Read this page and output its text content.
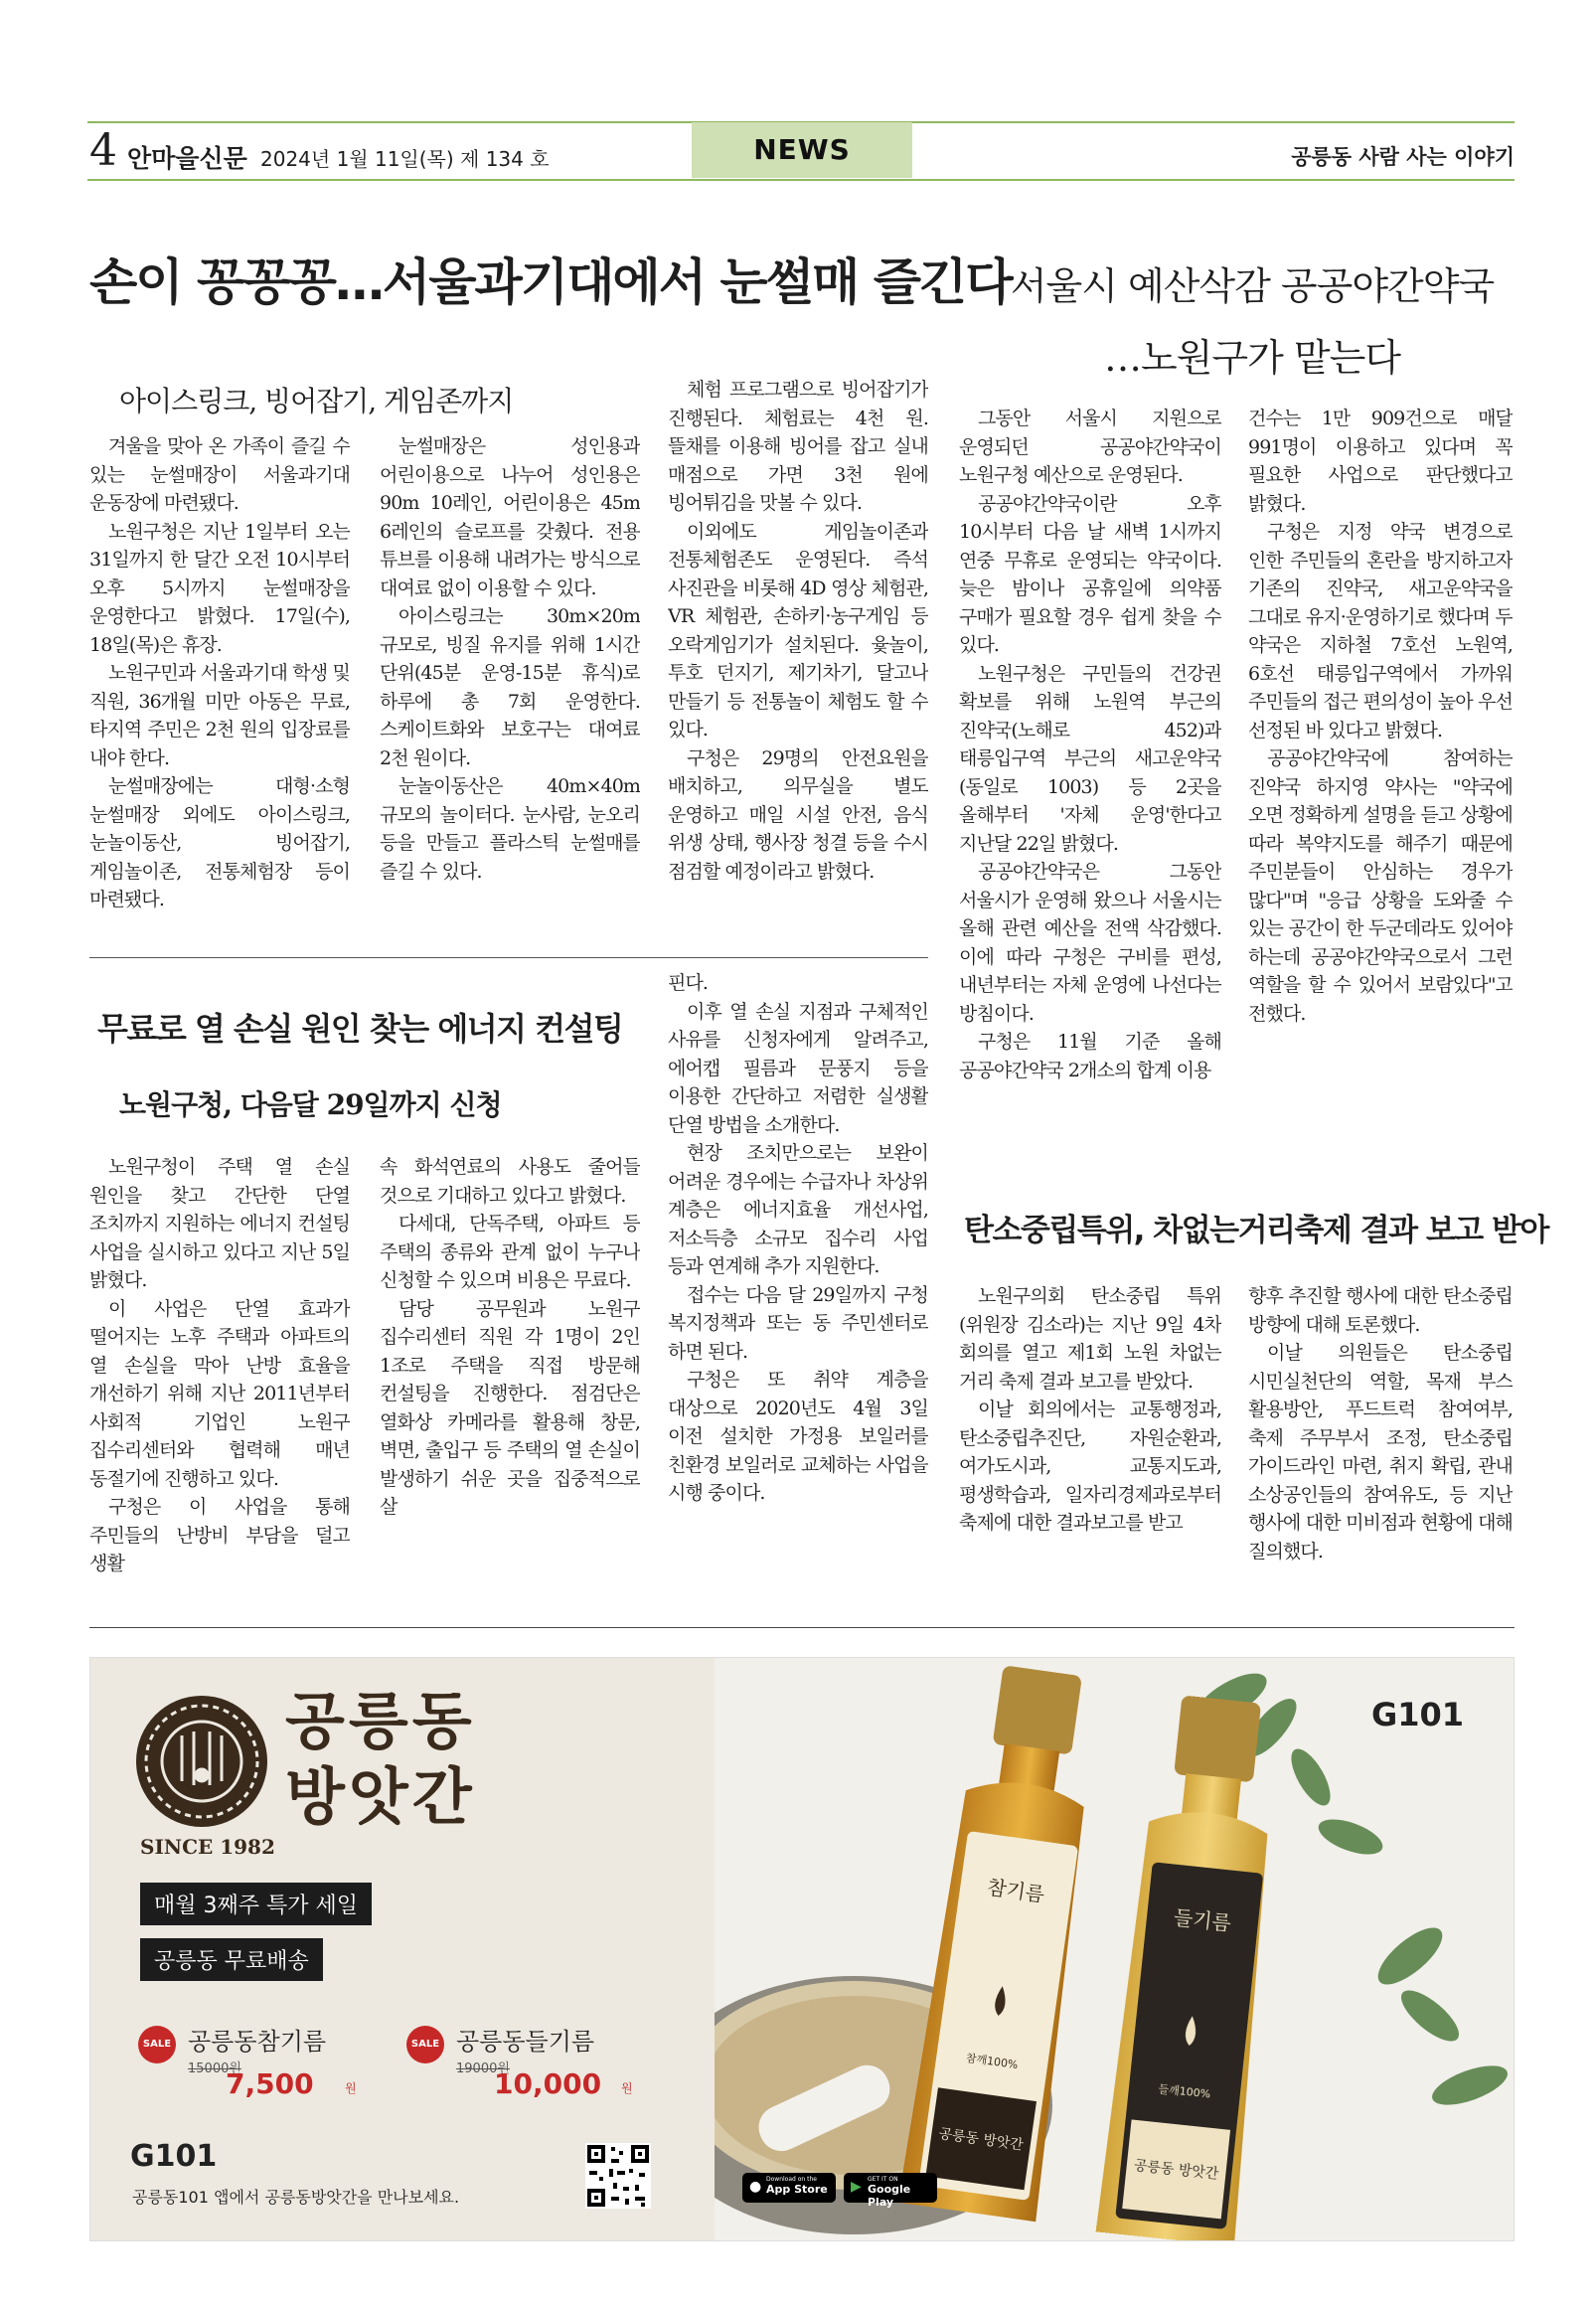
4 안마을신문 2024년 1월 11일(목) 제 134 호	NEWS	공릉동 사람 사는 이야기
손이 꽁꽁꽁…서울과기대에서 눈썰매 즐긴다
아이스링크, 빙어잡기, 게임존까지

겨울을 맞아 온 가족이 즐길 수 있는 눈썰매장이 서울과기대 운동장에 마련됐다.

노원구청은 지난 1일부터 오는 31일까지 한 달간 오전 10시부터 오후 5시까지 눈썰매장을 운영한다고 밝혔다. 17일(수), 18일(목)은 휴장.

노원구민과 서울과기대 학생 및 직원, 36개월 미만 아동은 무료, 타지역 주민은 2천 원의 입장료를 내야 한다.

눈썰매장에는 대형·소형 눈썰매장 외에도 아이스링크, 눈놀이동산, 빙어잡기, 게임놀이존, 전통체험장 등이 마련됐다.

눈썰매장은 성인용과 어린이용으로 나누어 성인용은 90m 10레인, 어린이용은 45m 6레인의 슬로프를 갖췄다. 전용 튜브를 이용해 내려가는 방식으로 대여료 없이 이용할 수 있다.

아이스링크는 30m×20m 규모로, 빙질 유지를 위해 1시간 단위(45분 운영-15분 휴식)로 하루에 총 7회 운영한다. 스케이트화와 보호구는 대여료 2천 원이다.

눈놀이동산은 40m×40m 규모의 놀이터다. 눈사람, 눈오리 등을 만들고 플라스틱 눈썰매를 즐길 수 있다.

체험 프로그램으로 빙어잡기가 진행된다. 체험료는 4천 원. 뜰채를 이용해 빙어를 잡고 실내 매점으로 가면 3천 원에 빙어튀김을 맛볼 수 있다.

이외에도 게임놀이존과 전통체험존도 운영된다. 즉석 사진관을 비롯해 4D 영상 체험관, VR 체험관, 손하키·농구게임 등 오락게임기가 설치된다. 윷놀이, 투호 던지기, 제기차기, 달고나 만들기 등 전통놀이 체험도 할 수 있다.

구청은 29명의 안전요원을 배치하고, 의무실을 별도 운영하고 매일 시설 안전, 음식 위생 상태, 행사장 청결 등을 수시 점검할 예정이라고 밝혔다.

서울시 예산삭감 공공야간약국
…노원구가 맡는다

그동안 서울시 지원으로 운영되던 공공야간약국이 노원구청 예산으로 운영된다.

공공야간약국이란 오후 10시부터 다음 날 새벽 1시까지 연중 무휴로 운영되는 약국이다. 늦은 밤이나 공휴일에 의약품 구매가 필요할 경우 쉽게 찾을 수 있다.

노원구청은 구민들의 건강권 확보를 위해 노원역 부근의 진약국(노해로 452)과 태릉입구역 부근의 새고운약국(동일로 1003) 등 2곳을 올해부터 '자체 운영'한다고 지난달 22일 밝혔다.

공공야간약국은 그동안 서울시가 운영해 왔으나 서울시는 올해 관련 예산을 전액 삭감했다. 이에 따라 구청은 구비를 편성, 내년부터는 자체 운영에 나선다는 방침이다.

구청은 11월 기준 올해 공공야간약국 2개소의 합계 이용

건수는 1만 909건으로 매달 991명이 이용하고 있다며 꼭 필요한 사업으로 판단했다고 밝혔다.

구청은 지정 약국 변경으로 인한 주민들의 혼란을 방지하고자 기존의 진약국, 새고운약국을 그대로 유지·운영하기로 했다며 두 약국은 지하철 7호선 노원역, 6호선 태릉입구역에서 가까워 주민들의 접근 편의성이 높아 우선 선정된 바 있다고 밝혔다.

공공야간약국에 참여하는 진약국 하지영 약사는 "약국에 오면 정확하게 설명을 듣고 상황에 따라 복약지도를 해주기 때문에 주민분들이 안심하는 경우가 많다"며 "응급 상황을 도와줄 수 있는 공간이 한 두군데라도 있어야 하는데 공공야간약국으로서 그런 역할을 할 수 있어서 보람있다"고 전했다.

무료로 열 손실 원인 찾는 에너지 컨설팅
노원구청, 다음달 29일까지 신청

노원구청이 주택 열 손실 원인을 찾고 간단한 단열 조치까지 지원하는 에너지 컨설팅 사업을 실시하고 있다고 지난 5일 밝혔다.

이 사업은 단열 효과가 떨어지는 노후 주택과 아파트의 열 손실을 막아 난방 효율을 개선하기 위해 지난 2011년부터 사회적 기업인 노원구 집수리센터와 협력해 매년 동절기에 진행하고 있다.

구청은 이 사업을 통해 주민들의 난방비 부담을 덜고 생활

속 화석연료의 사용도 줄어들 것으로 기대하고 있다고 밝혔다.

다세대, 단독주택, 아파트 등 주택의 종류와 관계 없이 누구나 신청할 수 있으며 비용은 무료다.

담당 공무원과 노원구 집수리센터 직원 각 1명이 2인 1조로 주택을 직접 방문해 컨설팅을 진행한다. 점검단은 열화상 카메라를 활용해 창문, 벽면, 출입구 등 주택의 열 손실이 발생하기 쉬운 곳을 집중적으로 살

핀다.

이후 열 손실 지점과 구체적인 사유를 신청자에게 알려주고, 에어캡 필름과 문풍지 등을 이용한 간단하고 저렴한 실생활 단열 방법을 소개한다.

현장 조치만으로는 보완이 어려운 경우에는 수급자나 차상위 계층은 에너지효율 개선사업, 저소득층 소규모 집수리 사업 등과 연계해 추가 지원한다.

접수는 다음 달 29일까지 구청 복지정책과 또는 동 주민센터로 하면 된다.

구청은 또 취약 계층을 대상으로 2020년도 4월 3일 이전 설치한 가정용 보일러를 친환경 보일러로 교체하는 사업을 시행 중이다.

탄소중립특위, 차없는거리축제 결과 보고 받아

노원구의회 탄소중립 특위(위원장 김소라)는 지난 9일 4차 회의를 열고 제1회 노원 차없는 거리 축제 결과 보고를 받았다.

이날 회의에서는 교통행정과, 탄소중립추진단, 자원순환과, 여가도시과, 교통지도과, 평생학습과, 일자리경제과로부터 축제에 대한 결과보고를 받고

향후 추진할 행사에 대한 탄소중립 방향에 대해 토론했다.

이날 의원들은 탄소중립 시민실천단의 역할, 목재 부스 활용방안, 푸드트럭 참여여부, 축제 주무부서 조정, 탄소중립 가이드라인 마련, 취지 확립, 관내 소상공인들의 참여유도, 등 지난 행사에 대한 미비점과 현황에 대해 질의했다.

참기름
참깨100%
공릉동 방앗간
들기름
들깨100%
공릉동 방앗간
G101
Download on the
App Store
●	GET IT ON
Google Play
▶
공릉동
방앗간
SINCE 1982
매월 3째주 특가 세일
공릉동 무료배송
SALE 공릉동참기름
15000원
7,500	원
SALE 공릉동들기름
19000원
10,000 원
G101
공릉동101 앱에서 공릉동방앗간을 만나보세요.
